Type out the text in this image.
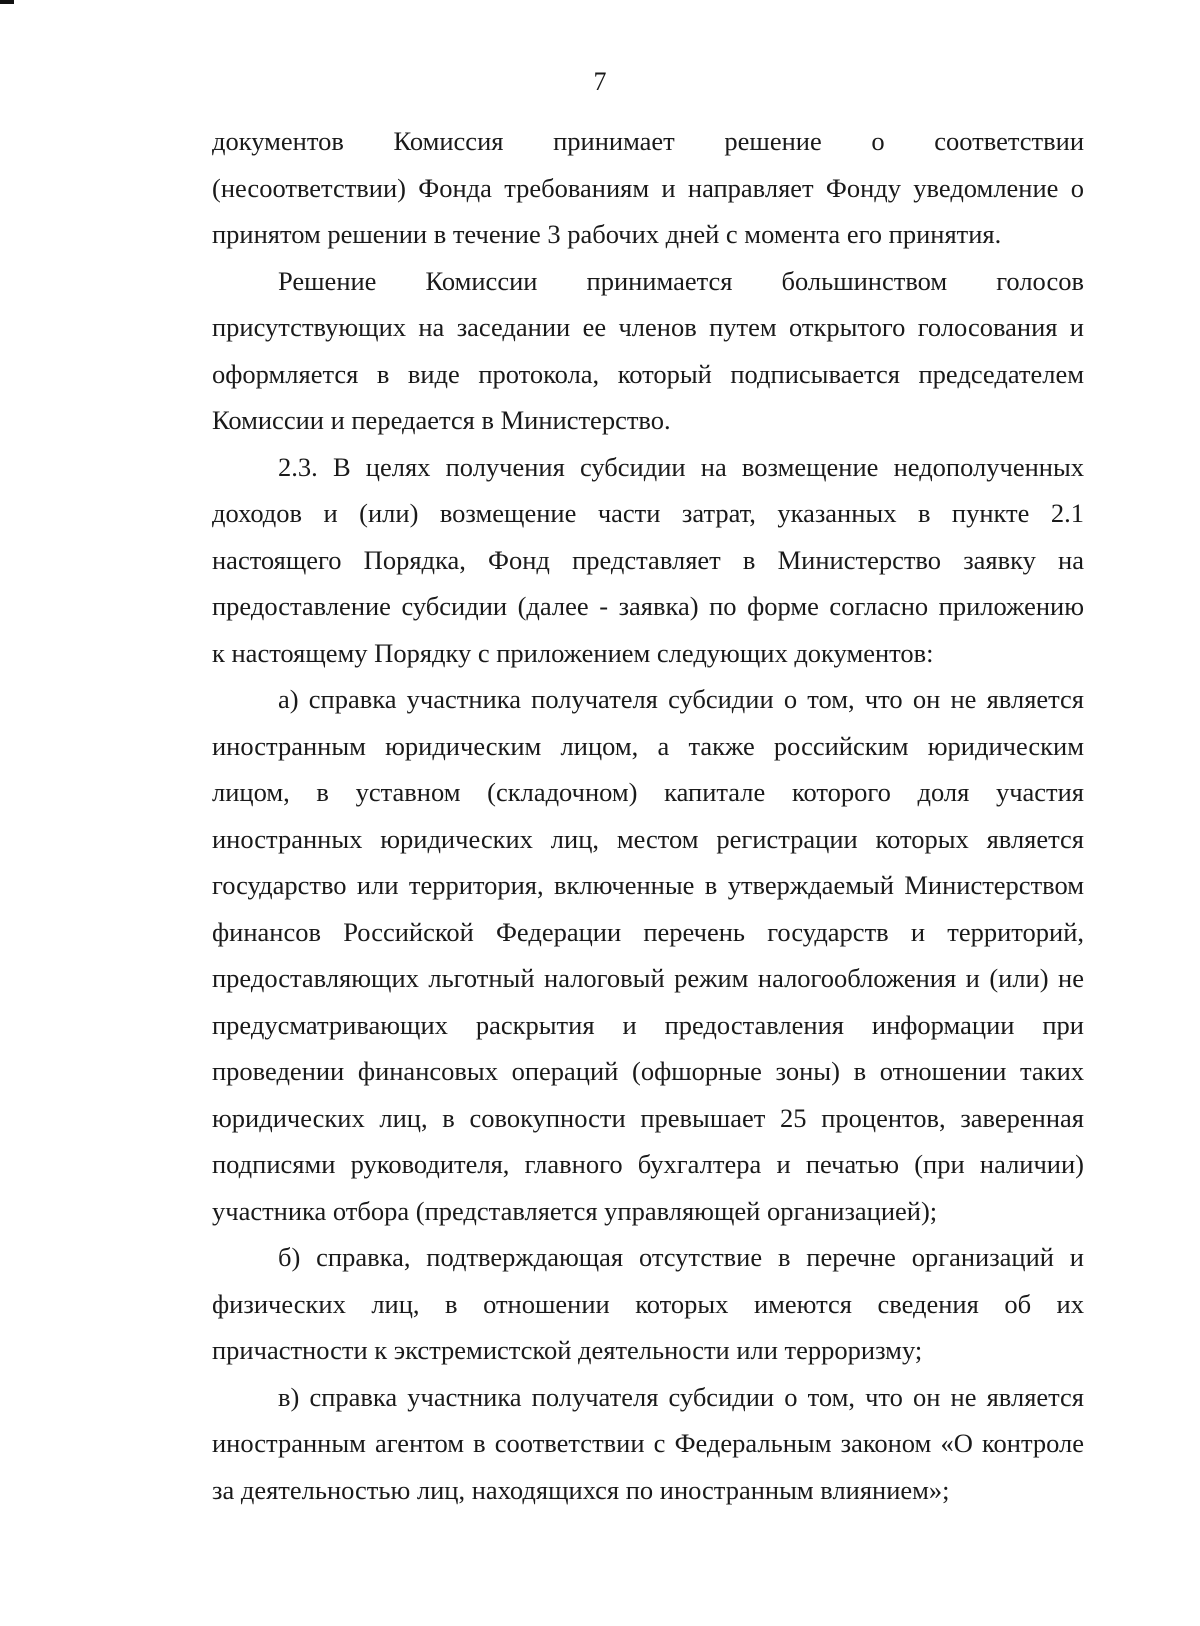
7
документов Комиссия принимает решение о соответствии
(несоответствии) Фонда требованиям и направляет Фонду уведомление о
принятом решении в течение 3 рабочих дней с момента его принятия.
Решение Комиссии принимается большинством голосов
присутствующих на заседании ее членов путем открытого голосования и
оформляется в виде протокола, который подписывается председателем
Комиссии и передается в Министерство.
2.3. В целях получения субсидии на возмещение недополученных
доходов и (или) возмещение части затрат, указанных в пункте 2.1
настоящего Порядка, Фонд представляет в Министерство заявку на
предоставление субсидии (далее - заявка) по форме согласно приложению
к настоящему Порядку с приложением следующих документов:
а) справка участника получателя субсидии о том, что он не является
иностранным юридическим лицом, а также российским юридическим
лицом, в уставном (складочном) капитале которого доля участия
иностранных юридических лиц, местом регистрации которых является
государство или территория, включенные в утверждаемый Министерством
финансов Российской Федерации перечень государств и территорий,
предоставляющих льготный налоговый режим налогообложения и (или) не
предусматривающих раскрытия и предоставления информации при
проведении финансовых операций (офшорные зоны) в отношении таких
юридических лиц, в совокупности превышает 25 процентов, заверенная
подписями руководителя, главного бухгалтера и печатью (при наличии)
участника отбора (представляется управляющей организацией);
б) справка, подтверждающая отсутствие в перечне организаций и
физических лиц, в отношении которых имеются сведения об их
причастности к экстремистской деятельности или терроризму;
в) справка участника получателя субсидии о том, что он не является
иностранным агентом в соответствии с Федеральным законом «О контроле
за деятельностью лиц, находящихся по иностранным влиянием»;
